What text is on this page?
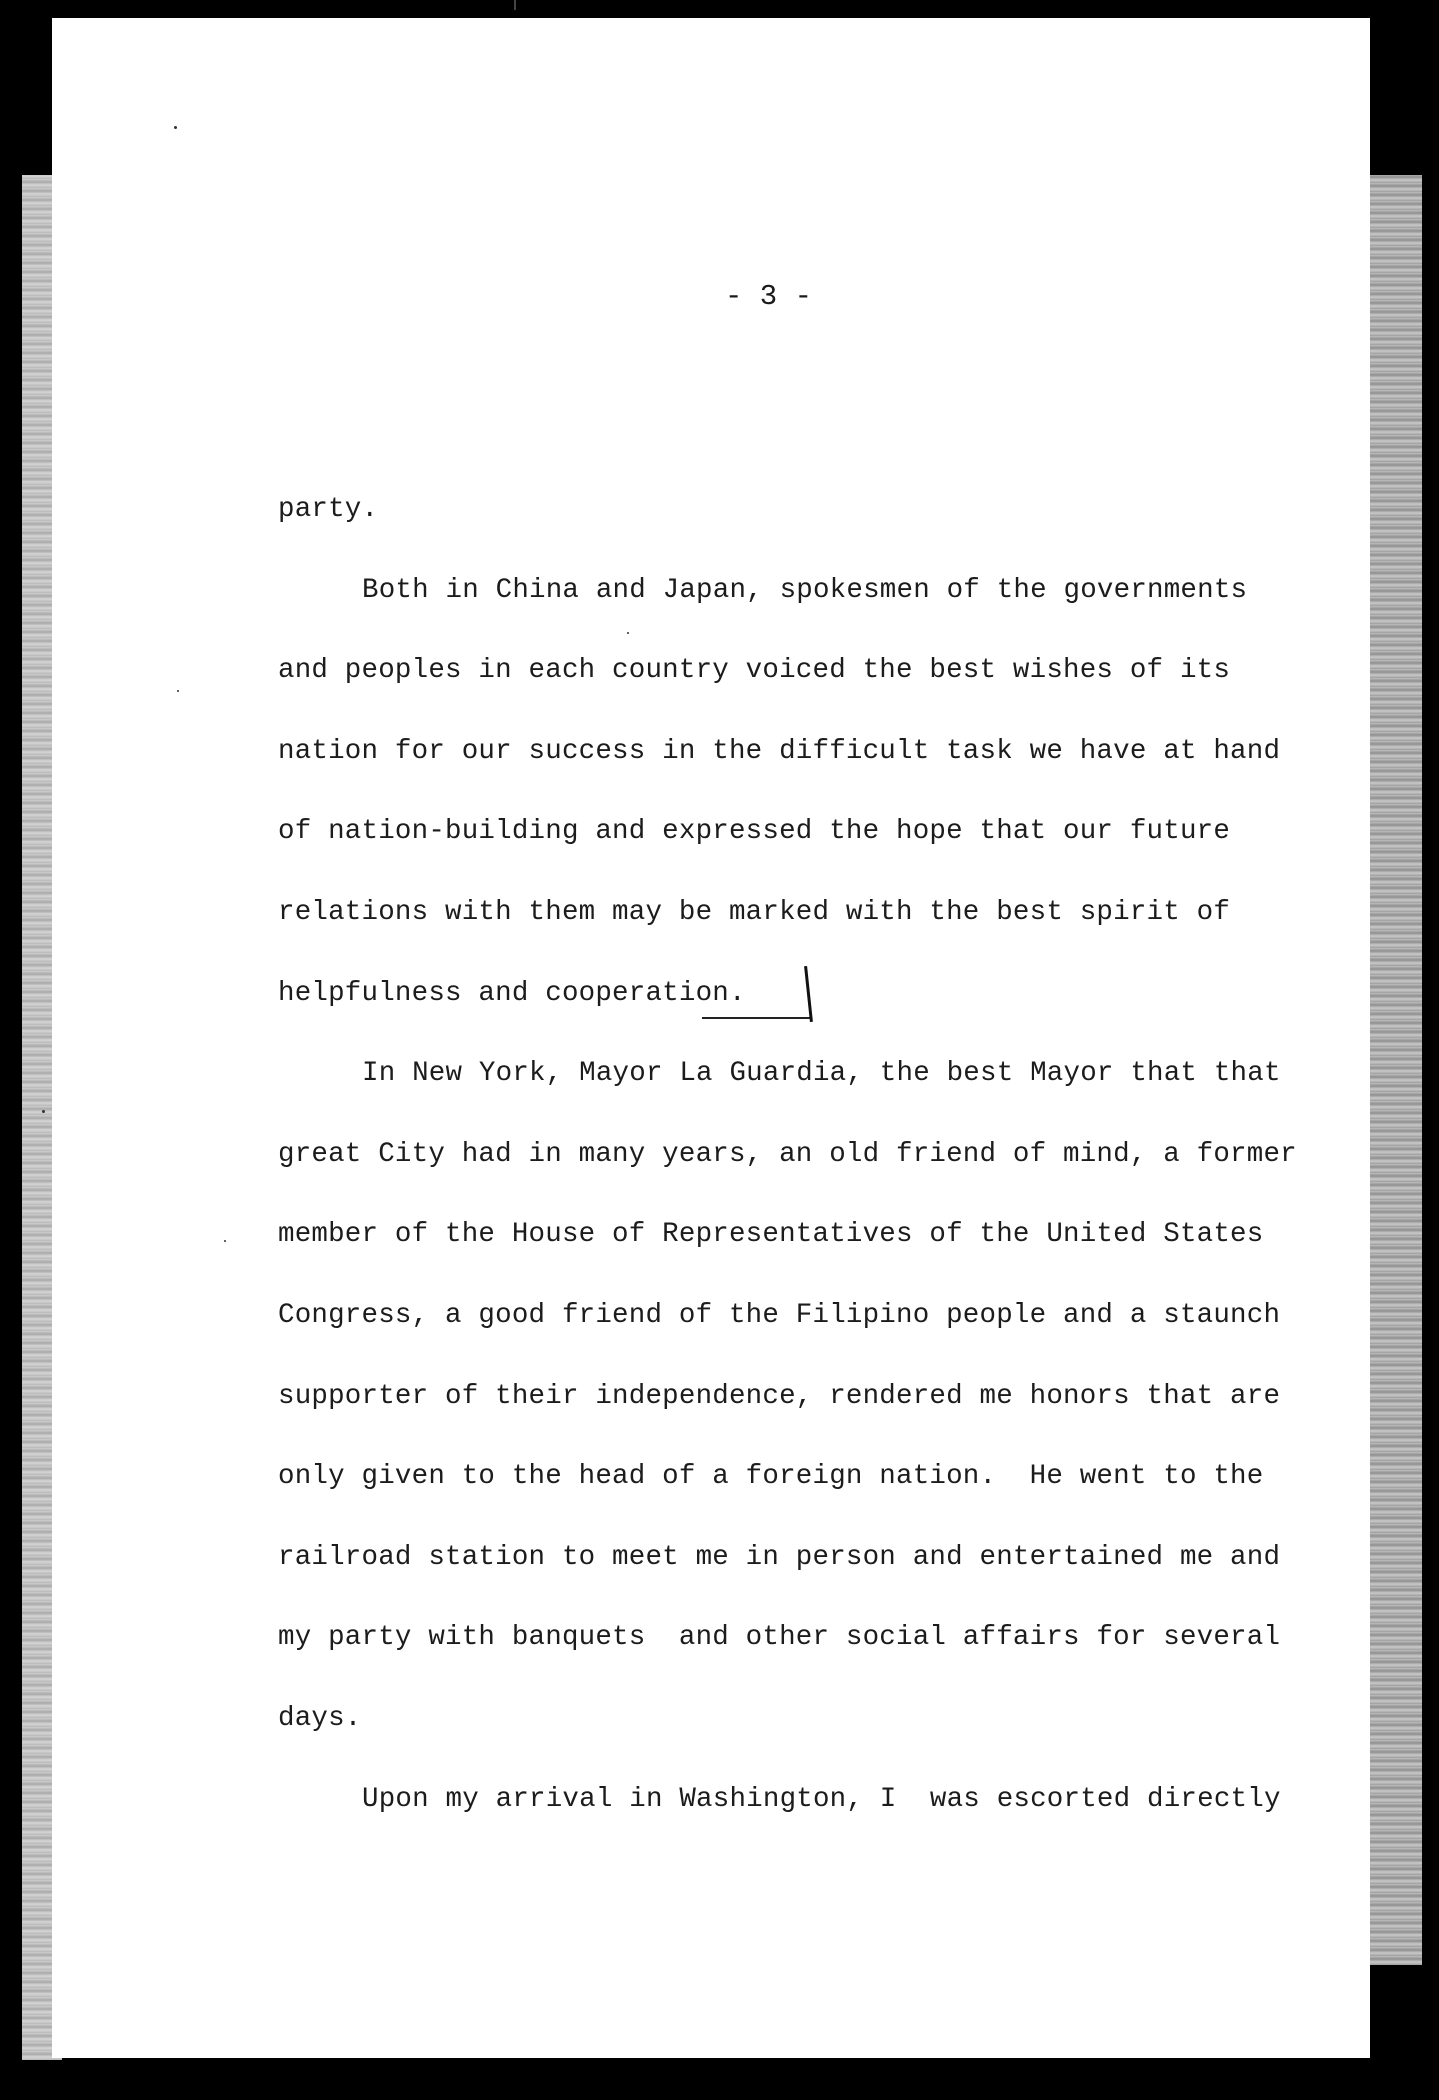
- 3 -
party.
Both in China and Japan, spokesmen of the governments
and peoples in each country voiced the best wishes of its
nation for our success in the difficult task we have at hand
of nation-building and expressed the hope that our future
relations with them may be marked with the best spirit of
helpfulness and cooperation.
In New York, Mayor La Guardia, the best Mayor that that
great City had in many years, an old friend of mind, a former
member of the House of Representatives of the United States
Congress, a good friend of the Filipino people and a staunch
supporter of their independence, rendered me honors that are
only given to the head of a foreign nation.  He went to the
railroad station to meet me in person and entertained me and
my party with banquets  and other social affairs for several
days.
Upon my arrival in Washington, I  was escorted directly
